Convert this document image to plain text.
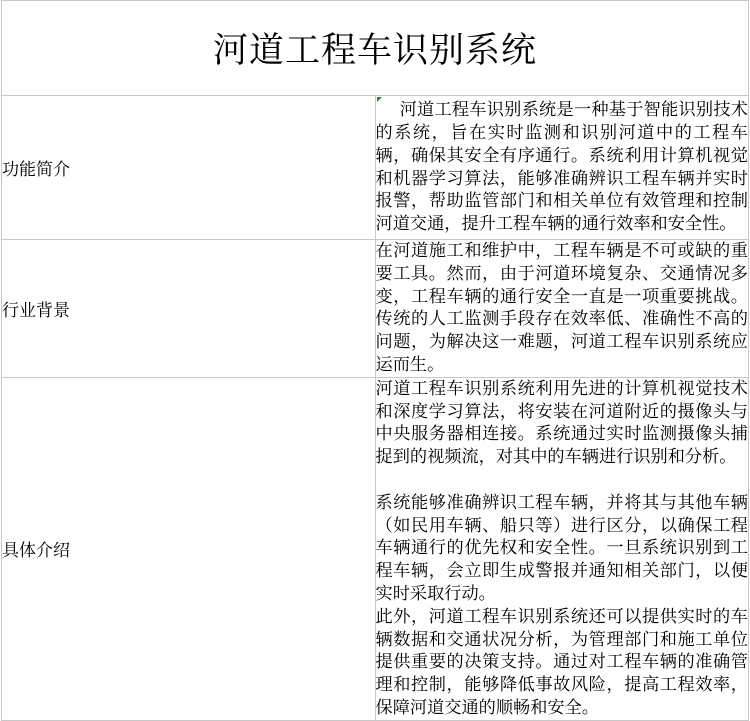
河道工程车识别系统	
功能简介	河道工程车识别系统是一种基于智能识别技术的系统，旨在实时监测和识别河道中的工程车辆，确保其安全有序通行。系统利用计算机视觉和机器学习算法，能够准确辨识工程车辆并实时报警，帮助监管部门和相关单位有效管理和控制河道交通，提升工程车辆的通行效率和安全性。

行业背景	在河道施工和维护中，工程车辆是不可或缺的重要工具。然而，由于河道环境复杂、交通情况多变，工程车辆的通行安全一直是一项重要挑战。传统的人工监测手段存在效率低、准确性不高的问题，为解决这一难题，河道工程车识别系统应运而生。

具体介绍	河道工程车识别系统利用先进的计算机视觉技术和深度学习算法，将安装在河道附近的摄像头与中央服务器相连接。系统通过实时监测摄像头捕捉到的视频流，对其中的车辆进行识别和分析。

系统能够准确辨识工程车辆，并将其与其他车辆（如民用车辆、船只等）进行区分，以确保工程车辆通行的优先权和安全性。一旦系统识别到工程车辆，会立即生成警报并通知相关部门，以便实时采取行动。

此外，河道工程车识别系统还可以提供实时的车辆数据和交通状况分析，为管理部门和施工单位提供重要的决策支持。通过对工程车辆的准确管理和控制，能够降低事故风险，提高工程效率，保障河道交通的顺畅和安全。
